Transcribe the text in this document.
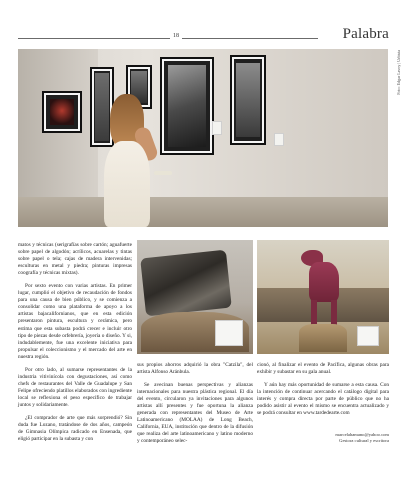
18	Palabra
Foto: Edgar Lavoy | Urbista

matos y técnicas (serigrafías sobre cartón; aguafuerte sobre papel de algodón; acrílicos, acuarelas y tintas sobre papel o tela; cajas de madera intervenidas; esculturas en metal y piedra; pinturas impresas coografía y técnicas mixtas).

Por sexto evento con varias artistas. En primer lugar, cumplió el objetivo de recaudación de fondos para una causa de bien público, y se comienza a consolidar como una plataforma de apoyo a los artistas bajacalifornianos, que en esta edición presentaron pintura, escultura y cerámica, pero estima que esta subasta podrá crecer e incluir otro tipo de piezas desde orfebrería, joyería o diseño. Y si, indudablemente, fue una excelente iniciativa para propulsar el coleccionismo y el mercado del arte en nuestra región.

Por otro lado, al sumarse representantes de la industria vitivinícola con degustaciones, así como chefs de restaurantes del Valle de Guadalupe y San Felipe ofreciendo platillos elaborados con ingrediente local se reflexiona el peso específico de trabajar juntos y solidariamente.

¿El comprador de arte que más sorprendió? Sin duda fue Lozano, tratándose de dos años, campeón de Gimnasia Olímpica radicado en Ensenada, que eligió participar en la subasta y con

sus propios ahorros adquirió la obra "Catzila", del artista Alfonso Aránbula.

Se avecinan buenas perspectivas y alianzas internacionales para nuestra plástica regional. El día del evento, circularon ya invitaciones para algunos artistas allí presentes y fue oportuna la alianza generada con representantes del Museo de Arte Latinoamericano (MOLAA) de Long Beach, California, EUA, institución que dentro de la difusión que realiza del arte latinoamericano y latino moderno y contemporáneo selec-

cionó, al finalizar el evento de Pacífica, algunas obras para exhibir y subastar en su gala anual.

Y aún hay más oportunidad de sumarse a esta causa. Con la intención de continuar acercando el catálogo digital para interés y compra directa por parte de público que no ha podido asistir al evento el mismo se encuentra actualizado y se podrá consultar en www.tardedearte.com

marcelahamano@yahoo.com
Gestora cultural y escritora
